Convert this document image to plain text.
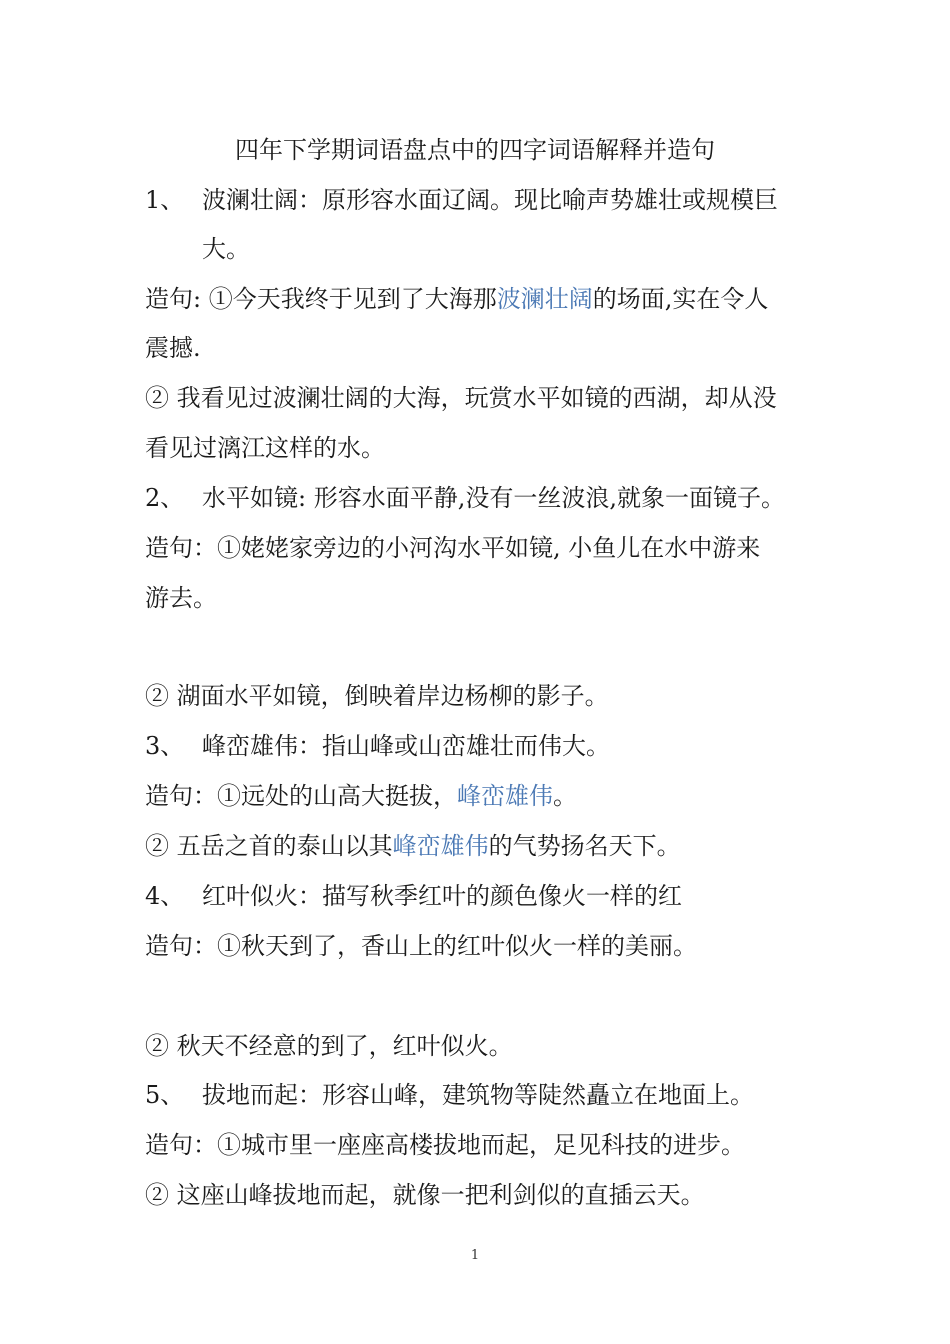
四年下学期词语盘点中的四字词语解释并造句
1、 波澜壮阔：原形容水面辽阔。现比喻声势雄壮或规模巨
大。
造句: ①今天我终于见到了大海那波澜壮阔的场面,实在令人
震撼.
② 我看见过波澜壮阔的大海，玩赏水平如镜的西湖，却从没
看见过漓江这样的水。
2、 水平如镜: 形容水面平静,没有一丝波浪,就象一面镜子。
造句：①姥姥家旁边的小河沟水平如镜, 小鱼儿在水中游来
游去。
② 湖面水平如镜，倒映着岸边杨柳的影子。
3、 峰峦雄伟：指山峰或山峦雄壮而伟大。
造句：①远处的山高大挺拔，峰峦雄伟。
② 五岳之首的泰山以其峰峦雄伟的气势扬名天下。
4、 红叶似火：描写秋季红叶的颜色像火一样的红
造句：①秋天到了，香山上的红叶似火一样的美丽。
② 秋天不经意的到了，红叶似火。
5、 拔地而起：形容山峰，建筑物等陡然矗立在地面上。
造句：①城市里一座座高楼拔地而起，足见科技的进步。
② 这座山峰拔地而起，就像一把利剑似的直插云天。
1
